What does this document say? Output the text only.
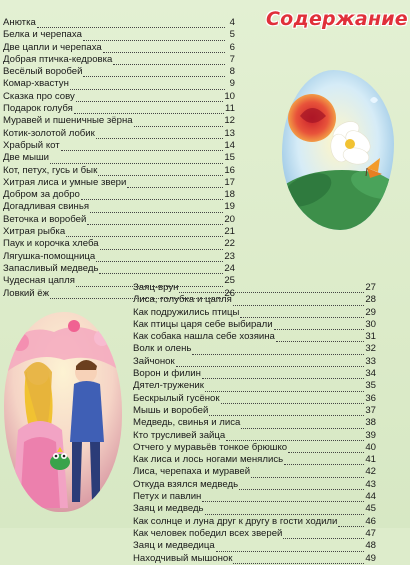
Анютка	4
Белка и черепаха	5
Две цапли и черепаха	6
Добрая птичка-кедровка	7
Весёлый воробей	8
Комар-хвастун	9
Сказка про сову	10
Подарок голубя	11
Муравей и пшеничные зёрна	12
Котик-золотой лобик	13
Храбрый кот	14
Две мыши	15
Кот, петух, гусь и бык	16
Хитрая лиса и умные звери	17
Добром за добро	18
Догадливая свинья	19
Веточка и воробей	20
Хитрая рыбка	21
Паук и корочка хлеба	22
Лягушка-помощница	23
Запасливый медведь	24
Чудесная цапля	25
Ловкий ёж	26
Содержание
Заяц-врун	27
Лиса, голубка и цапля	28
Как подружились птицы	29
Как птицы царя себе выбирали	30
Как собака нашла себе хозяина	31
Волк и олень	32
Зайчонок	33
Ворон и филин	34
Дятел-труженик	35
Бескрылый гусёнок	36
Мышь и воробей	37
Медведь, свинья и лиса	38
Кто трусливей зайца	39
Отчего у муравьёв тонкое брюшко	40
Как лиса и лось ногами менялись	41
Лиса, черепаха и муравей	42
Откуда взялся медведь	43
Петух и павлин	44
Заяц и медведь	45
Как солнце и луна друг к другу в гости ходили	46
Как человек победил всех зверей	47
Заяц и медведица	48
Находчивый мышонок	49
